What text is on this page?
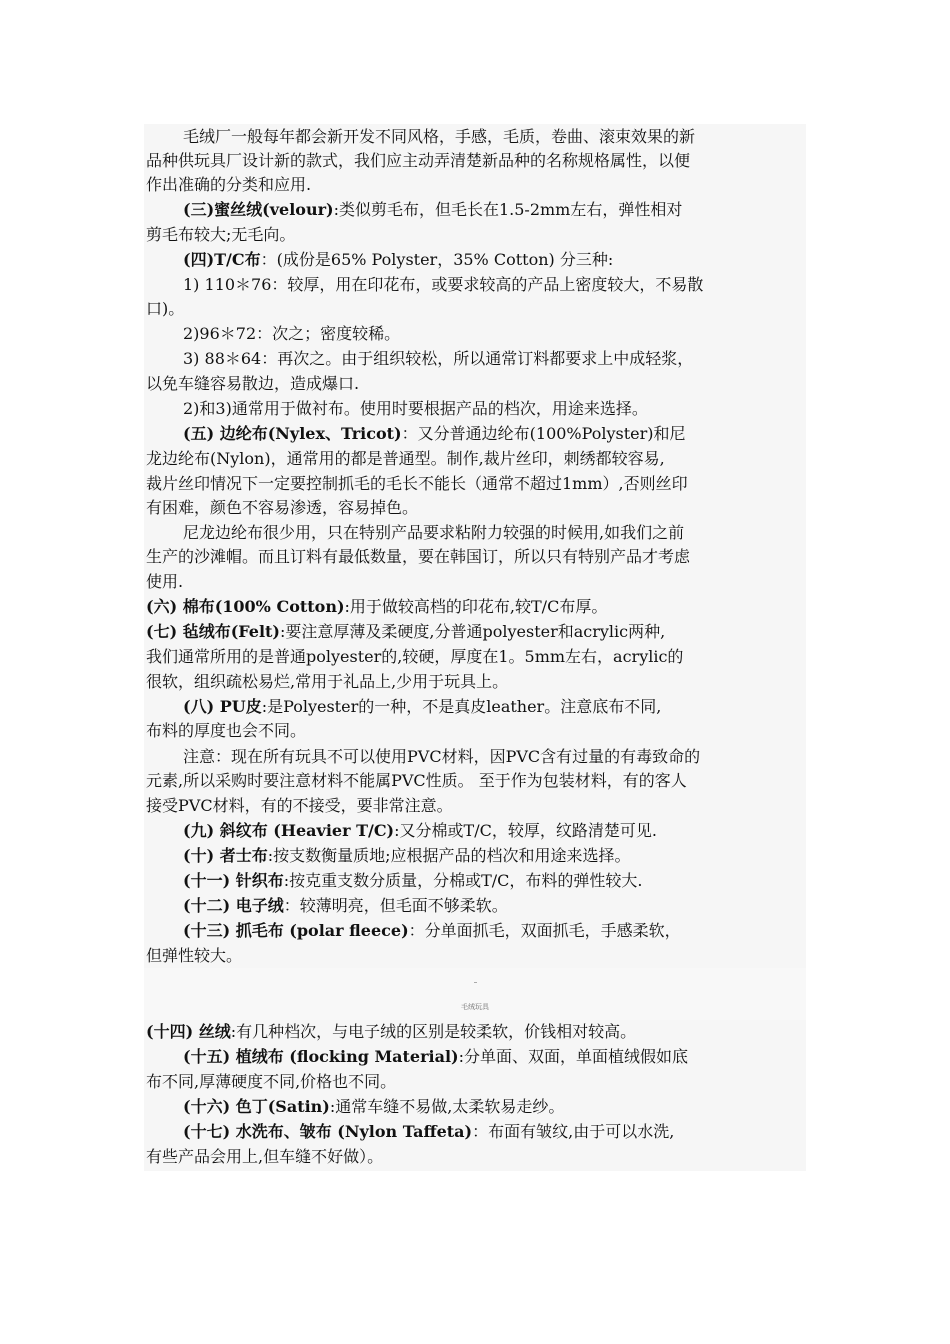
毛绒玩具
毛绒厂一般每年都会新开发不同风格，手感，毛质，卷曲、滚束效果的新
品种供玩具厂设计新的款式，我们应主动弄清楚新品种的名称规格属性，以便
作出准确的分类和应用.
(三)蜜丝绒(velour):类似剪毛布，但毛长在1.5-2mm左右，弹性相对
剪毛布较大;无毛向。
(四)T/C布：(成份是65% Polyster，35% Cotton) 分三种:
1) 110＊76：较厚，用在印花布，或要求较高的产品上密度较大，不易散
口)。
2)96＊72：次之；密度较稀。
3) 88＊64：再次之。由于组织较松，所以通常订料都要求上中成轻浆，
以免车缝容易散边，造成爆口.
2)和3)通常用于做衬布。使用时要根据产品的档次，用途来选择。
(五) 边纶布(Nylex、Tricot)：又分普通边纶布(100%Polyster)和尼
龙边纶布(Nylon)，通常用的都是普通型。制作,裁片丝印，刺绣都较容易,
裁片丝印情况下一定要控制抓毛的毛长不能长（通常不超过1mm）,否则丝印
有困难，颜色不容易渗透，容易掉色。
尼龙边纶布很少用，只在特别产品要求粘附力较强的时候用,如我们之前
生产的沙滩帽。而且订料有最低数量，要在韩国订，所以只有特别产品才考虑
使用.
(六) 棉布(100% Cotton):用于做较高档的印花布,较T/C布厚。
(七) 毡绒布(Felt):要注意厚薄及柔硬度,分普通polyester和acrylic两种,
我们通常所用的是普通polyester的,较硬，厚度在1。5mm左右，acrylic的
很软，组织疏松易烂,常用于礼品上,少用于玩具上。
(八) PU皮:是Polyester的一种，不是真皮leather。注意底布不同,
布料的厚度也会不同。
注意：现在所有玩具不可以使用PVC材料，因PVC含有过量的有毒致命的
元素,所以采购时要注意材料不能属PVC性质。 至于作为包装材料，有的客人
接受PVC材料，有的不接受，要非常注意。
(九) 斜纹布 (Heavier T/C):又分棉或T/C，较厚，纹路清楚可见.
(十) 者士布:按支数衡量质地;应根据产品的档次和用途来选择。
(十一) 针织布:按克重支数分质量，分棉或T/C，布料的弹性较大.
(十二) 电子绒：较薄明亮，但毛面不够柔软。
(十三) 抓毛布 (polar fleece)：分单面抓毛，双面抓毛，手感柔软，
但弹性较大。
(十四) 丝绒:有几种档次，与电子绒的区别是较柔软，价钱相对较高。
(十五) 植绒布 (flocking Material):分单面、双面，单面植绒假如底
布不同,厚薄硬度不同,价格也不同。
(十六) 色丁(Satin):通常车缝不易做,太柔软易走纱。
(十七) 水洗布、皱布 (Nylon Taffeta)：布面有皱纹,由于可以水洗,
有些产品会用上,但车缝不好做）。
